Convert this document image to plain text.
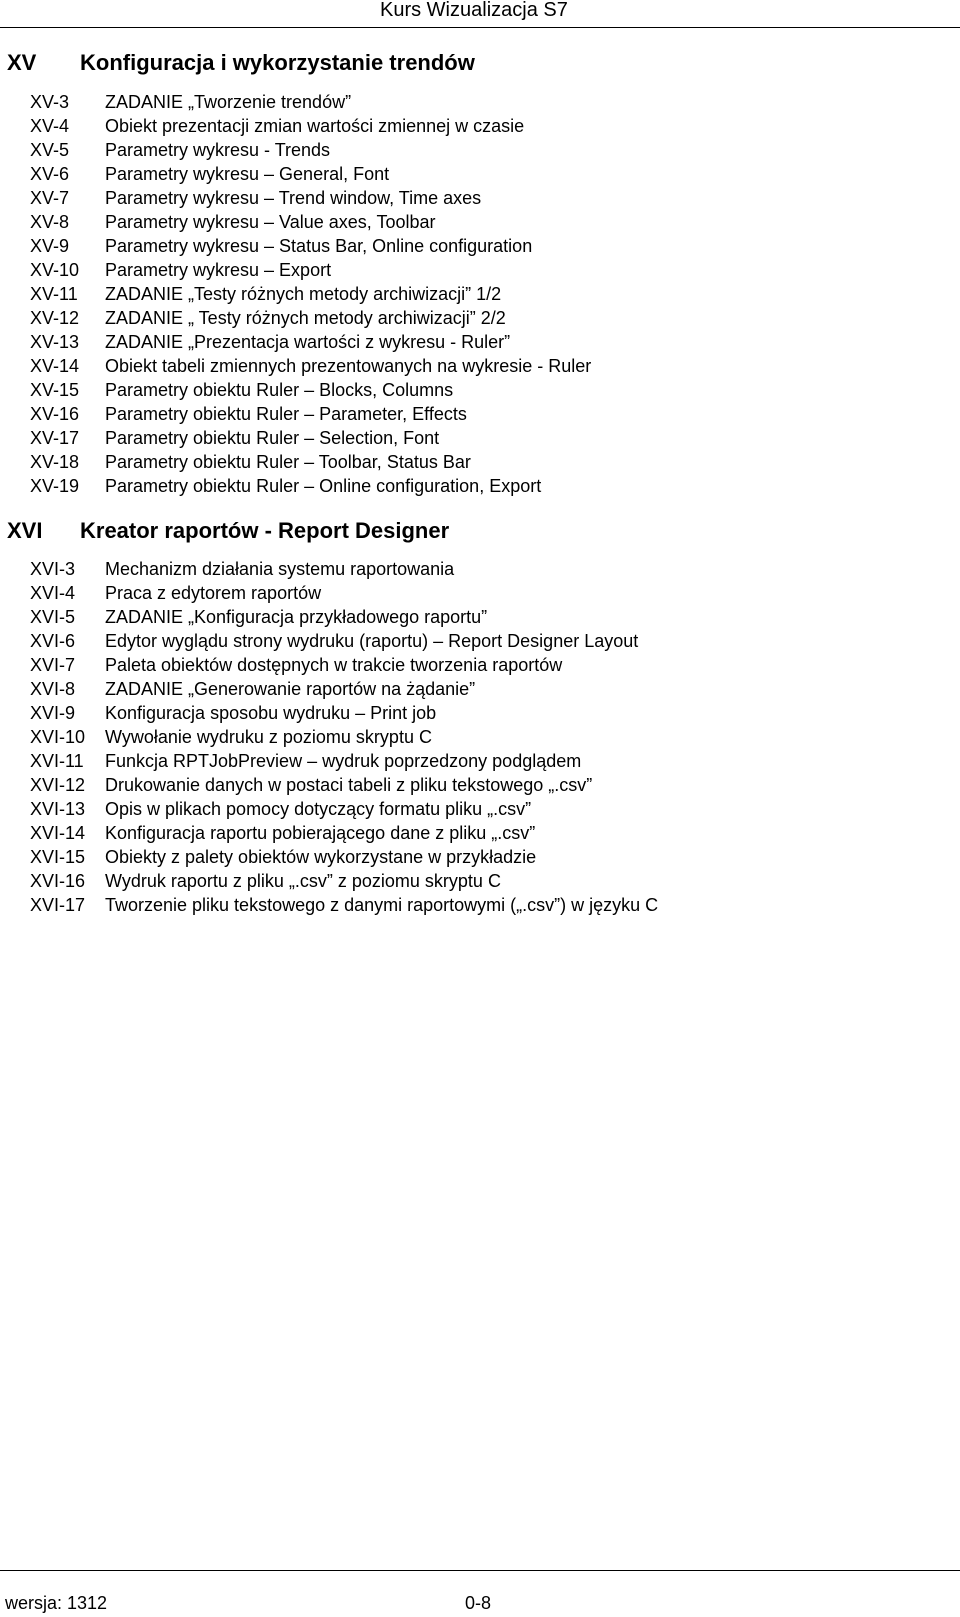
Kurs Wizualizacja S7
XV Konfiguracja i wykorzystanie trendów
XV-3 ZADANIE „Tworzenie trendów”
XV-4 Obiekt prezentacji zmian wartości zmiennej w czasie
XV-5 Parametry wykresu - Trends
XV-6 Parametry wykresu – General, Font
XV-7 Parametry wykresu – Trend window, Time axes
XV-8 Parametry wykresu – Value axes, Toolbar
XV-9 Parametry wykresu – Status Bar, Online configuration
XV-10 Parametry wykresu – Export
XV-11 ZADANIE „Testy różnych metody archiwizacji” 1/2
XV-12 ZADANIE „ Testy różnych metody archiwizacji” 2/2
XV-13 ZADANIE „Prezentacja wartości z wykresu - Ruler”
XV-14 Obiekt tabeli zmiennych prezentowanych na wykresie - Ruler
XV-15 Parametry obiektu Ruler – Blocks, Columns
XV-16 Parametry obiektu Ruler – Parameter, Effects
XV-17 Parametry obiektu Ruler – Selection, Font
XV-18 Parametry obiektu Ruler – Toolbar, Status Bar
XV-19 Parametry obiektu Ruler – Online configuration, Export
XVI Kreator raportów - Report Designer
XVI-3 Mechanizm działania systemu raportowania
XVI-4 Praca z edytorem raportów
XVI-5 ZADANIE „Konfiguracja przykładowego raportu”
XVI-6 Edytor wyglądu strony wydruku (raportu) – Report Designer Layout
XVI-7 Paleta obiektów dostępnych w trakcie tworzenia raportów
XVI-8 ZADANIE „Generowanie raportów na żądanie”
XVI-9 Konfiguracja sposobu wydruku – Print job
XVI-10 Wywołanie wydruku z poziomu skryptu C
XVI-11 Funkcja RPTJobPreview – wydruk poprzedzony podglądem
XVI-12 Drukowanie danych w postaci tabeli z pliku tekstowego „.csv”
XVI-13 Opis w plikach pomocy dotyczący formatu pliku „.csv”
XVI-14 Konfiguracja raportu pobierającego dane z pliku „.csv”
XVI-15 Obiekty z palety obiektów wykorzystane w przykładzie
XVI-16 Wydruk raportu z pliku „.csv” z poziomu skryptu C
XVI-17 Tworzenie pliku tekstowego z danymi raportowymi („.csv”) w języku C
wersja: 1312	0-8
